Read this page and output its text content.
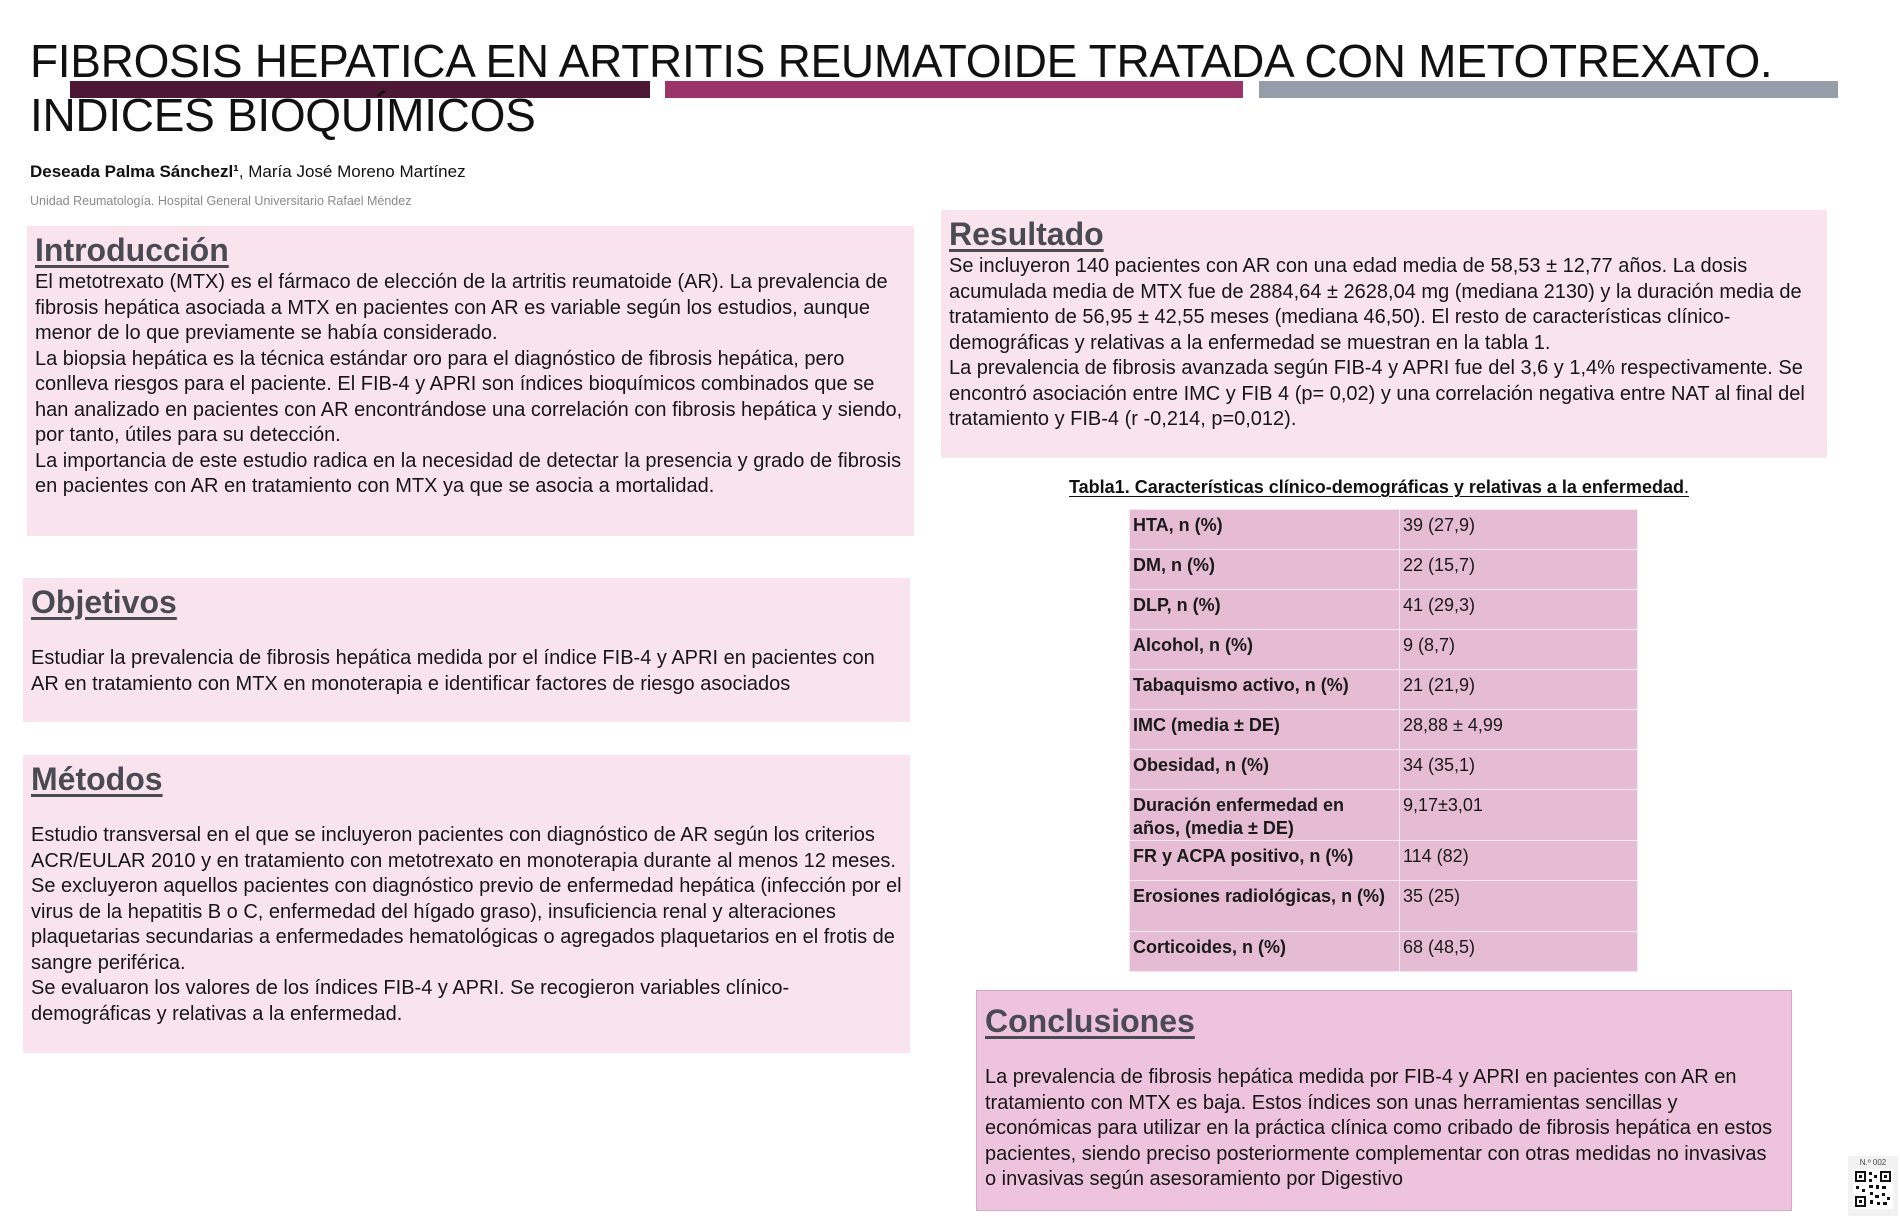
FIBROSIS HEPATICA EN ARTRITIS REUMATOIDE TRATADA CON METOTREXATO. INDICES BIOQUÍMICOS
Deseada Palma Sánchezl¹, María José Moreno Martínez
Unidad Reumatología. Hospital General Universitario Rafael Méndez
Introducción

El metotrexato (MTX) es el fármaco de elección de la artritis reumatoide (AR). La prevalencia de fibrosis hepática asociada a MTX en pacientes con AR es variable según los estudios, aunque menor de lo que previamente se había considerado.

La biopsia hepática es la técnica estándar oro para el diagnóstico de fibrosis hepática, pero conlleva riesgos para el paciente. El FIB-4 y APRI son índices bioquímicos combinados que se han analizado en pacientes con AR encontrándose una correlación con fibrosis hepática y siendo, por tanto, útiles para su detección.

La importancia de este estudio radica en la necesidad de detectar la presencia y grado de fibrosis en pacientes con AR en tratamiento con MTX ya que se asocia a mortalidad.

Objetivos

Estudiar la prevalencia de fibrosis hepática medida por el índice FIB-4 y APRI en pacientes con AR en tratamiento con MTX en monoterapia e identificar factores de riesgo asociados

Métodos

Estudio transversal en el que se incluyeron pacientes con diagnóstico de AR según los criterios ACR/EULAR 2010 y en tratamiento con metotrexato en monoterapia durante al menos 12 meses. Se excluyeron aquellos pacientes con diagnóstico previo de enfermedad hepática (infección por el virus de la hepatitis B o C, enfermedad del hígado graso), insuficiencia renal y alteraciones plaquetarias secundarias a enfermedades hematológicas o agregados plaquetarios en el frotis de sangre periférica.

Se evaluaron los valores de los índices FIB-4 y APRI. Se recogieron variables clínico-demográficas y relativas a la enfermedad.

Resultado

Se incluyeron 140 pacientes con AR con una edad media de 58,53 ± 12,77 años. La dosis acumulada media de MTX fue de 2884,64 ± 2628,04 mg (mediana 2130) y la duración media de tratamiento de 56,95 ± 42,55 meses (mediana 46,50). El resto de características clínico-demográficas y relativas a la enfermedad se muestran en la tabla 1.

La prevalencia de fibrosis avanzada según FIB-4 y APRI fue del 3,6 y 1,4% respectivamente. Se encontró asociación entre IMC y FIB 4 (p= 0,02) y una correlación negativa entre NAT al final del tratamiento y FIB-4 (r -0,214, p=0,012).

Tabla1. Características clínico-demográficas y relativas a la enfermedad.
HTA, n (%)	39 (27,9)
DM, n (%)	22 (15,7)
DLP, n (%)	41 (29,3)
Alcohol, n (%)	9 (8,7)
Tabaquismo activo, n (%)	21 (21,9)
IMC (media ± DE)	28,88 ± 4,99
Obesidad, n (%)	34 (35,1)
Duración enfermedad en años, (media ± DE)	9,17±3,01
FR y ACPA positivo, n (%)	114 (82)
Erosiones radiológicas, n (%)	35 (25)
Corticoides, n (%)	68 (48,5)
Conclusiones

La prevalencia de fibrosis hepática medida por FIB-4 y APRI en pacientes con AR en tratamiento con MTX es baja. Estos índices son unas herramientas sencillas y económicas para utilizar en la práctica clínica como cribado de fibrosis hepática en estos pacientes, siendo preciso posteriormente complementar con otras medidas no invasivas o invasivas según asesoramiento por Digestivo

N.º 002
